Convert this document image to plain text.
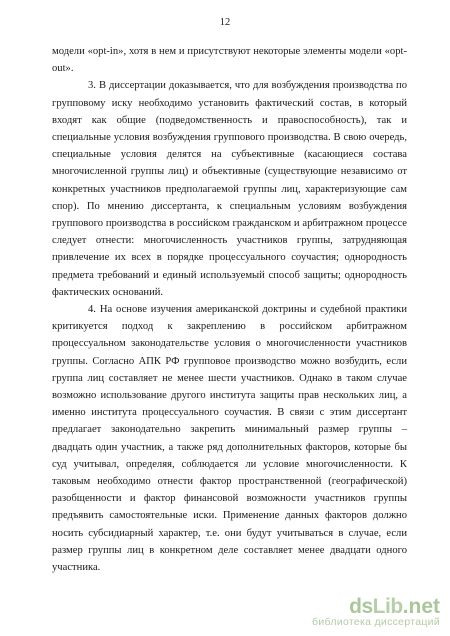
12

модели «opt-in», хотя в нем и присутствуют некоторые элементы модели «opt-out».

3. В диссертации доказывается, что для возбуждения производства по групповому иску необходимо установить фактический состав, в который входят как общие (подведомственность и правоспособность), так и специальные условия возбуждения группового производства. В свою очередь, специальные условия делятся на субъективные (касающиеся состава многочисленной группы лиц) и объективные (существующие независимо от конкретных участников предполагаемой группы лиц, характеризующие сам спор). По мнению диссертанта, к специальным условиям возбуждения группового производства в российском гражданском и арбитражном процессе следует отнести: многочисленность участников группы, затрудняющая привлечение их всех в порядке процессуального соучастия; однородность предмета требований и единый используемый способ защиты; однородность фактических оснований.

4. На основе изучения американской доктрины и судебной практики критикуется подход к закреплению в российском арбитражном процессуальном законодательстве условия о многочисленности участников группы. Согласно АПК РФ групповое производство можно возбудить, если группа лиц составляет не менее шести участников. Однако в таком случае возможно использование другого института защиты прав нескольких лиц, а именно института процессуального соучастия. В связи с этим диссертант предлагает законодательно закрепить минимальный размер группы – двадцать один участник, а также ряд дополнительных факторов, которые бы суд учитывал, определяя, соблюдается ли условие многочисленности. К таковым необходимо отнести фактор пространственной (географической) разобщенности и фактор финансовой возможности участников группы предъявить самостоятельные иски. Применение данных факторов должно носить субсидиарный характер, т.е. они будут учитываться в случае, если размер группы лиц в конкретном деле составляет менее двадцати одного участника.

ds Lib .net
библиотека диссертаций
